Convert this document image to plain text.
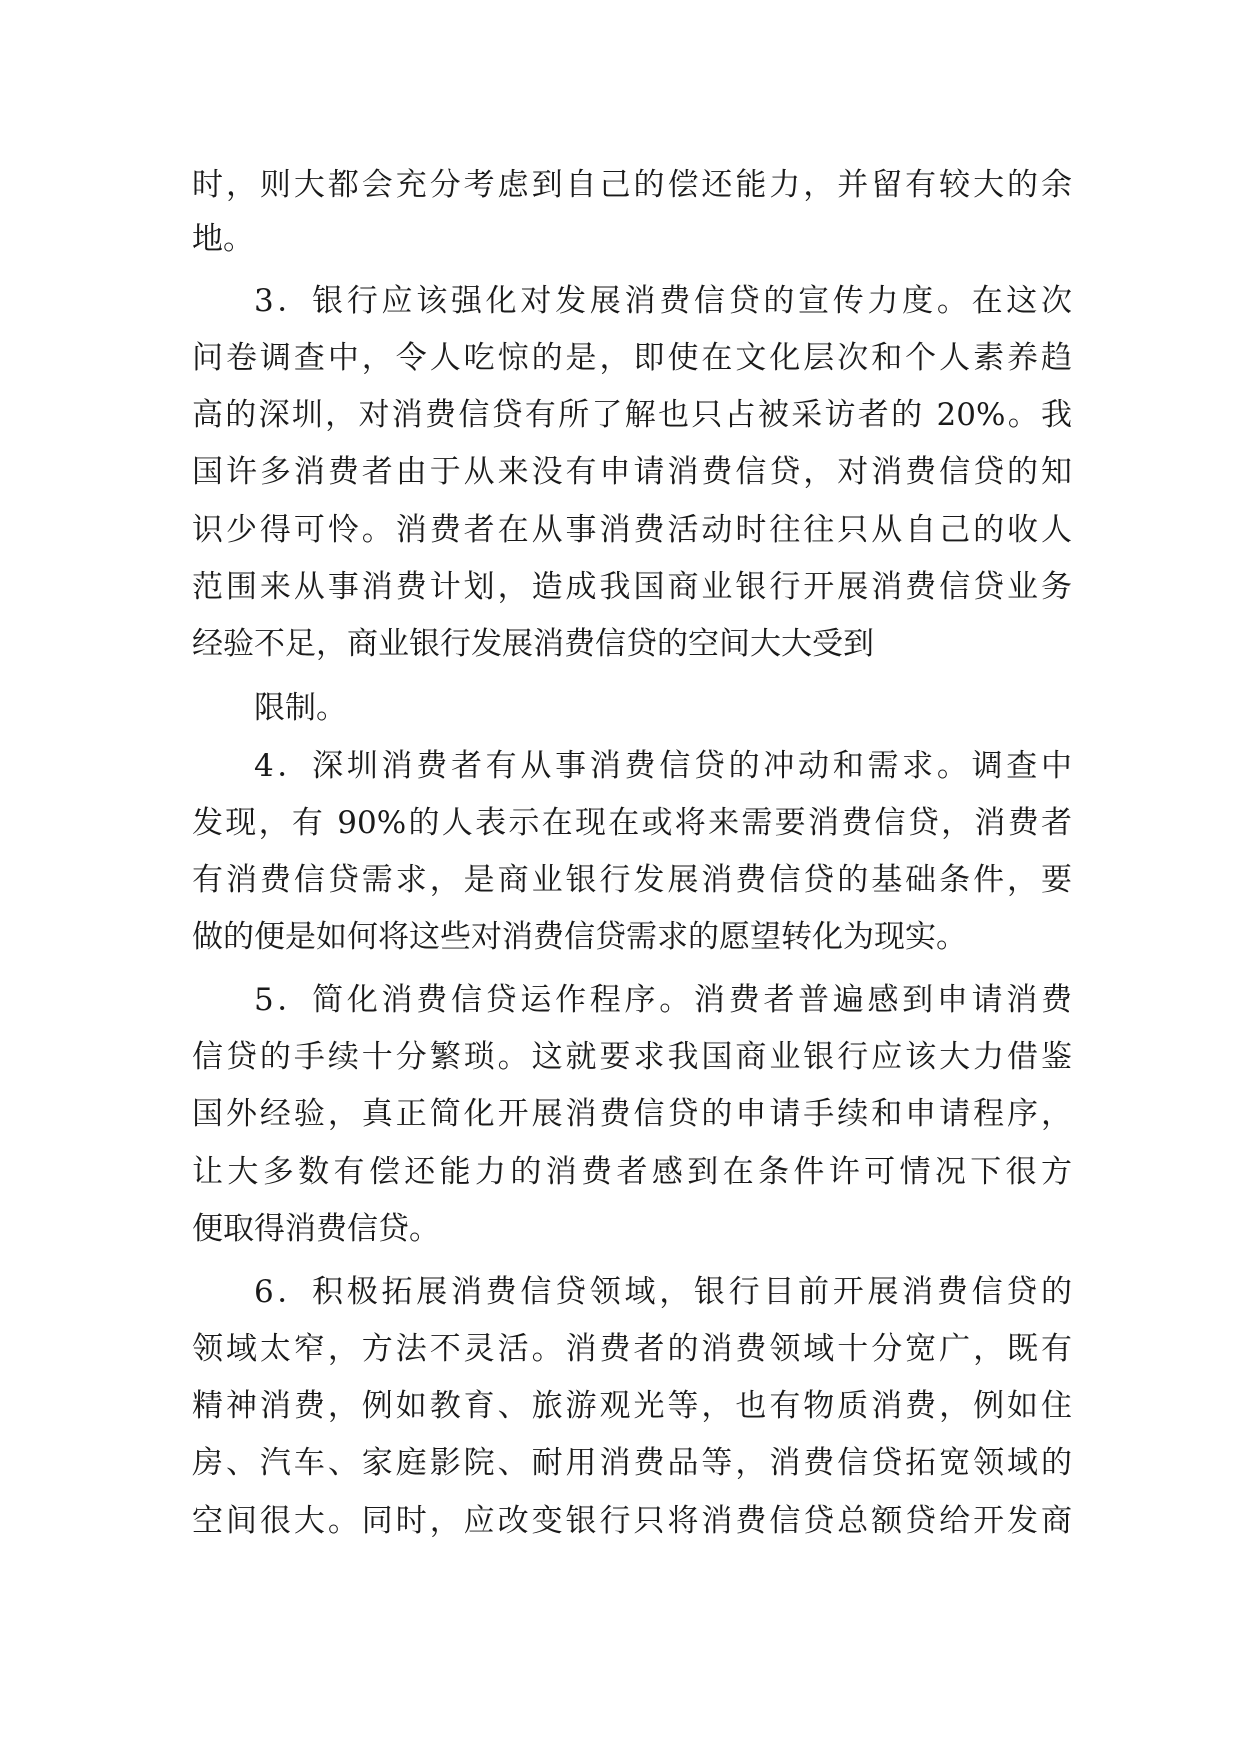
时，则大都会充分考虑到自己的偿还能力，并留有较大的余
地。
3．银行应该强化对发展消费信贷的宣传力度。在这次
问卷调查中，令人吃惊的是，即使在文化层次和个人素养趋
高的深圳，对消费信贷有所了解也只占被采访者的 20%。我
国许多消费者由于从来没有申请消费信贷，对消费信贷的知
识少得可怜。消费者在从事消费活动时往往只从自己的收人
范围来从事消费计划，造成我国商业银行开展消费信贷业务
经验不足，商业银行发展消费信贷的空间大大受到
限制。
4．深圳消费者有从事消费信贷的冲动和需求。调查中
发现，有 90%的人表示在现在或将来需要消费信贷，消费者
有消费信贷需求，是商业银行发展消费信贷的基础条件，要
做的便是如何将这些对消费信贷需求的愿望转化为现实。
5．简化消费信贷运作程序。消费者普遍感到申请消费
信贷的手续十分繁琐。这就要求我国商业银行应该大力借鉴
国外经验，真正简化开展消费信贷的申请手续和申请程序，
让大多数有偿还能力的消费者感到在条件许可情况下很方
便取得消费信贷。
6．积极拓展消费信贷领域，银行目前开展消费信贷的
领域太窄，方法不灵活。消费者的消费领域十分宽广，既有
精神消费，例如教育、旅游观光等，也有物质消费，例如住
房、汽车、家庭影院、耐用消费品等，消费信贷拓宽领域的
空间很大。同时，应改变银行只将消费信贷总额贷给开发商
